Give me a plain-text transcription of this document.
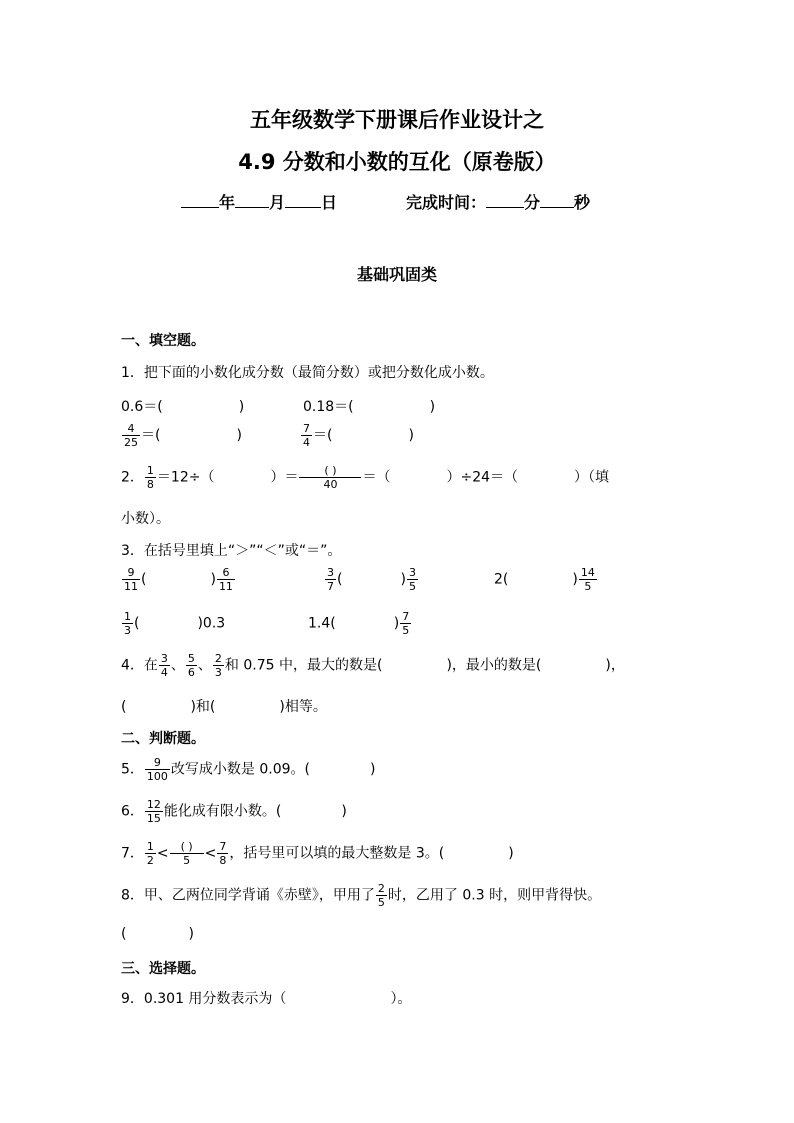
五年级数学下册课后作业设计之
4.9 分数和小数的互化（原卷版）
年 月 日	完成时间： 分 秒
基础巩固类
一、填空题。
1．把下面的小数化成分数（最简分数）或把分数化成小数。
0.6＝(	)	0.18＝(	)
$\frac{4}{25}$ ＝(	)	$\frac{7}{4}$ ＝(	)
2． $\frac{1}{8} =12\div$（	）＝ $\frac{( )}{40}$ ＝（	）÷24＝（	）（填
小数）。
3．在括号里填上“＞”“＜”或“＝”。
$\frac{9}{11}$ (	) $\frac{6}{11}$	$\frac{3}{7}$ (	) $\frac{3}{5}$	2(	) $\frac{14}{5}$
$\frac{1}{3}$ (	)0.3	1.4(	) $\frac{7}{5}$
4．在 $\frac{3}{4}$ 、 $\frac{5}{6}$ 、 $\frac{2}{3}$ 和 0.75 中，最大的数是(	)，最小的数是(	)，
(	)和(	)相等。
二、判断题。
5． $\frac{9}{100}$ 改写成小数是 0.09。(	)
6． $\frac{12}{15}$ 能化成有限小数。(	)
7． $\frac{1}{2} < \frac{( )}{5} < \frac{7}{8}$ ，括号里可以填的最大整数是 3。(	)
8．甲、乙两位同学背诵《赤壁》，甲用了 $\frac{2}{5}$ 时，乙用了 0.3 时，则甲背得快。
(	)
三、选择题。
9．0.301 用分数表示为（	）。
